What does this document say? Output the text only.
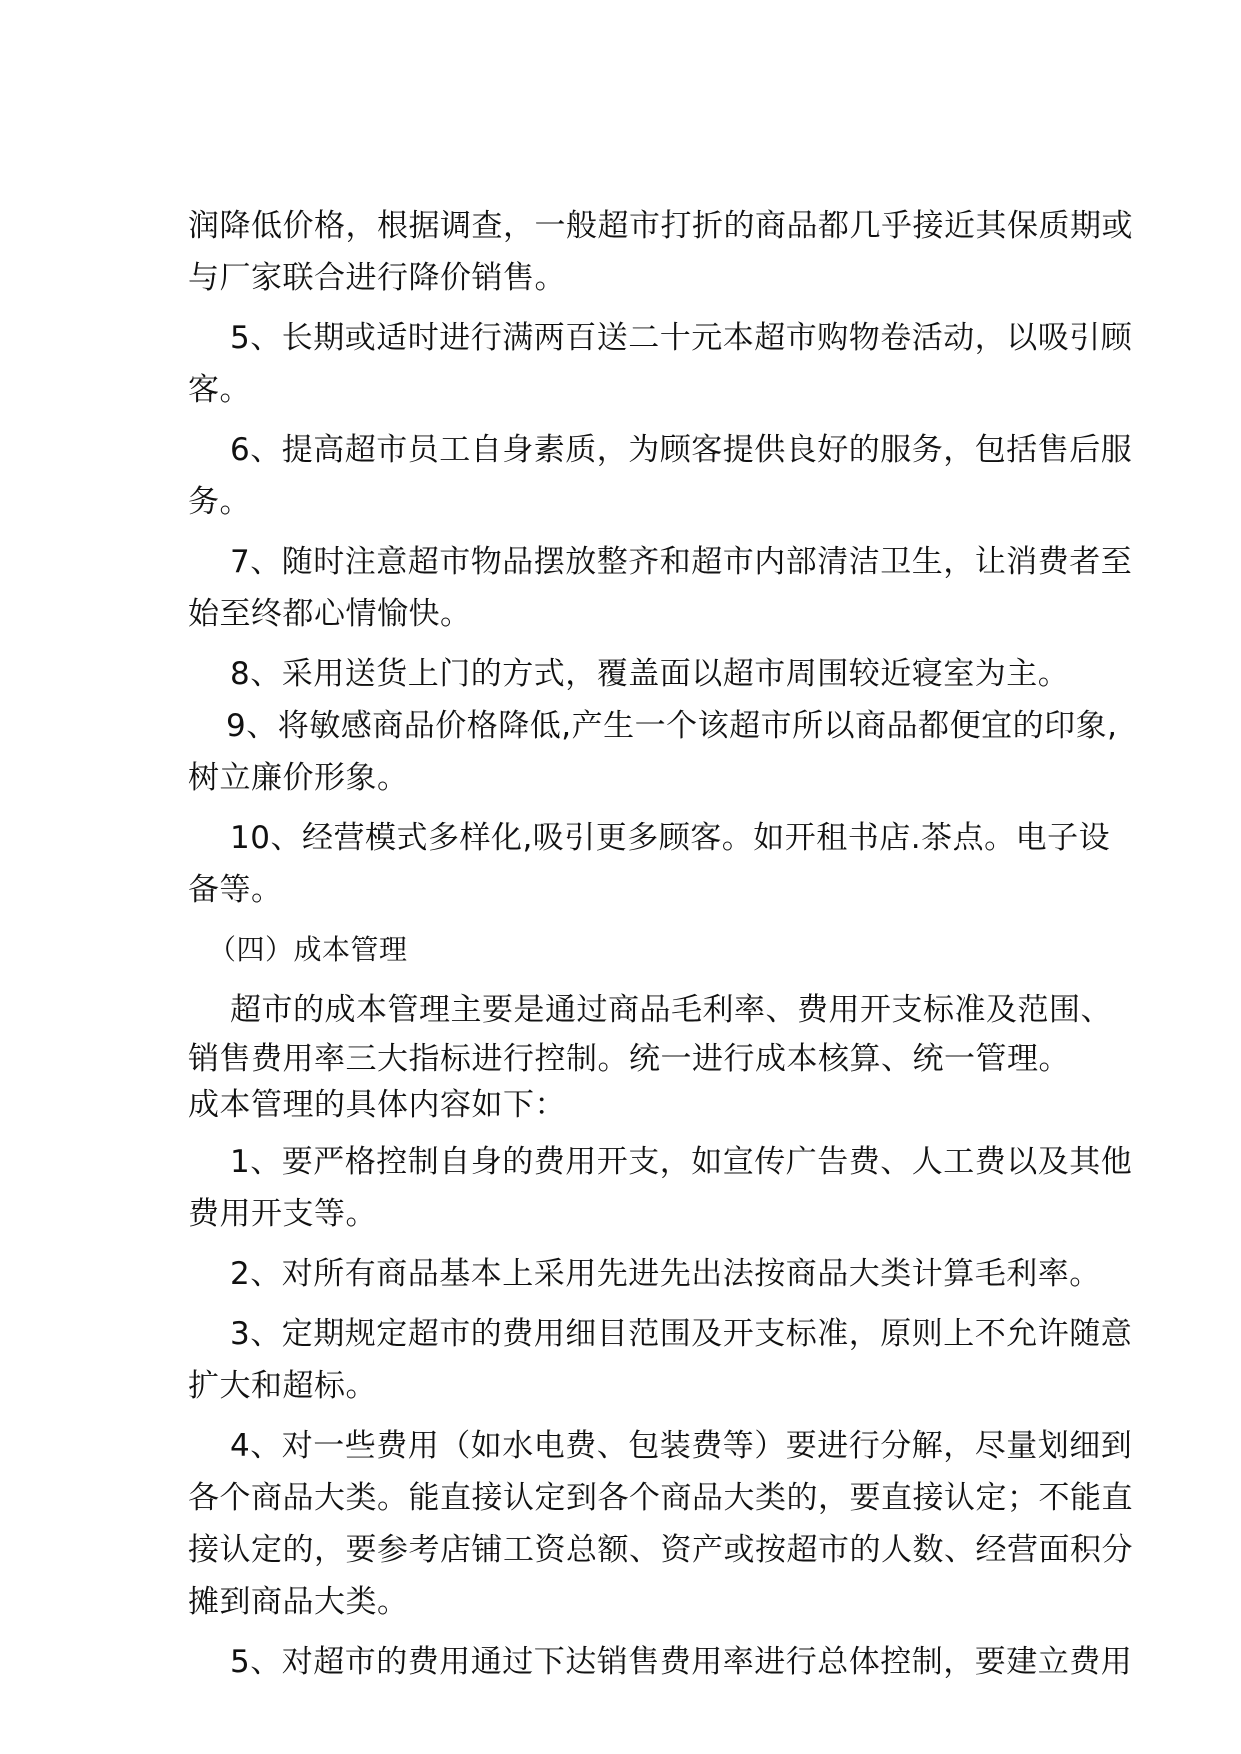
润降低价格，根据调查，一般超市打折的商品都几乎接近其保质期或
与厂家联合进行降价销售。
5、长期或适时进行满两百送二十元本超市购物卷活动，以吸引顾
客。
6、提高超市员工自身素质，为顾客提供良好的服务，包括售后服
务。
7、随时注意超市物品摆放整齐和超市内部清洁卫生，让消费者至
始至终都心情愉快。
8、采用送货上门的方式，覆盖面以超市周围较近寝室为主。
9、将敏感商品价格降低,产生一个该超市所以商品都便宜的印象,
树立廉价形象。
10、经营模式多样化,吸引更多顾客。如开租书店.茶点。电子设
备等。
（四）成本管理
超市的成本管理主要是通过商品毛利率、费用开支标准及范围、
销售费用率三大指标进行控制。统一进行成本核算、统一管理。
成本管理的具体内容如下：
1、要严格控制自身的费用开支，如宣传广告费、人工费以及其他
费用开支等。
2、对所有商品基本上采用先进先出法按商品大类计算毛利率。
3、定期规定超市的费用细目范围及开支标准，原则上不允许随意
扩大和超标。
4、对一些费用（如水电费、包装费等）要进行分解，尽量划细到
各个商品大类。能直接认定到各个商品大类的，要直接认定；不能直
接认定的，要参考店铺工资总额、资产或按超市的人数、经营面积分
摊到商品大类。
5、对超市的费用通过下达销售费用率进行总体控制，要建立费用
